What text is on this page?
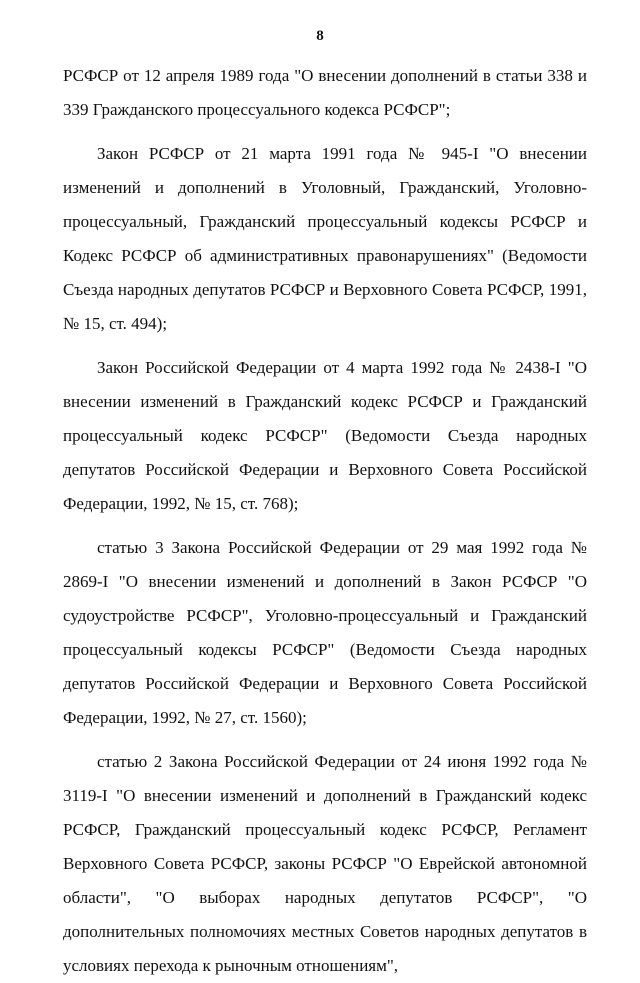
8

РСФСР от 12 апреля 1989 года "О внесении дополнений в статьи 338 и 339 Гражданского процессуального кодекса РСФСР";

Закон РСФСР от 21 марта 1991 года № 945-I "О внесении изменений и дополнений в Уголовный, Гражданский, Уголовно-процессуальный, Гражданский процессуальный кодексы РСФСР и Кодекс РСФСР об административных правонарушениях" (Ведомости Съезда народных депутатов РСФСР и Верховного Совета РСФСР, 1991, № 15, ст. 494);

Закон Российской Федерации от 4 марта 1992 года № 2438-I "О внесении изменений в Гражданский кодекс РСФСР и Гражданский процессуальный кодекс РСФСР" (Ведомости Съезда народных депутатов Российской Федерации и Верховного Совета Российской Федерации, 1992, № 15, ст. 768);

статью 3 Закона Российской Федерации от 29 мая 1992 года № 2869-I "О внесении изменений и дополнений в Закон РСФСР "О судоустройстве РСФСР", Уголовно-процессуальный и Гражданский процессуальный кодексы РСФСР" (Ведомости Съезда народных депутатов Российской Федерации и Верховного Совета Российской Федерации, 1992, № 27, ст. 1560);

статью 2 Закона Российской Федерации от 24 июня 1992 года № 3119-I "О внесении изменений и дополнений в Гражданский кодекс РСФСР, Гражданский процессуальный кодекс РСФСР, Регламент Верховного Совета РСФСР, законы РСФСР "О Еврейской автономной области", "О выборах народных депутатов РСФСР", "О дополнительных полномочиях местных Советов народных депутатов в условиях перехода к рыночным отношениям",
